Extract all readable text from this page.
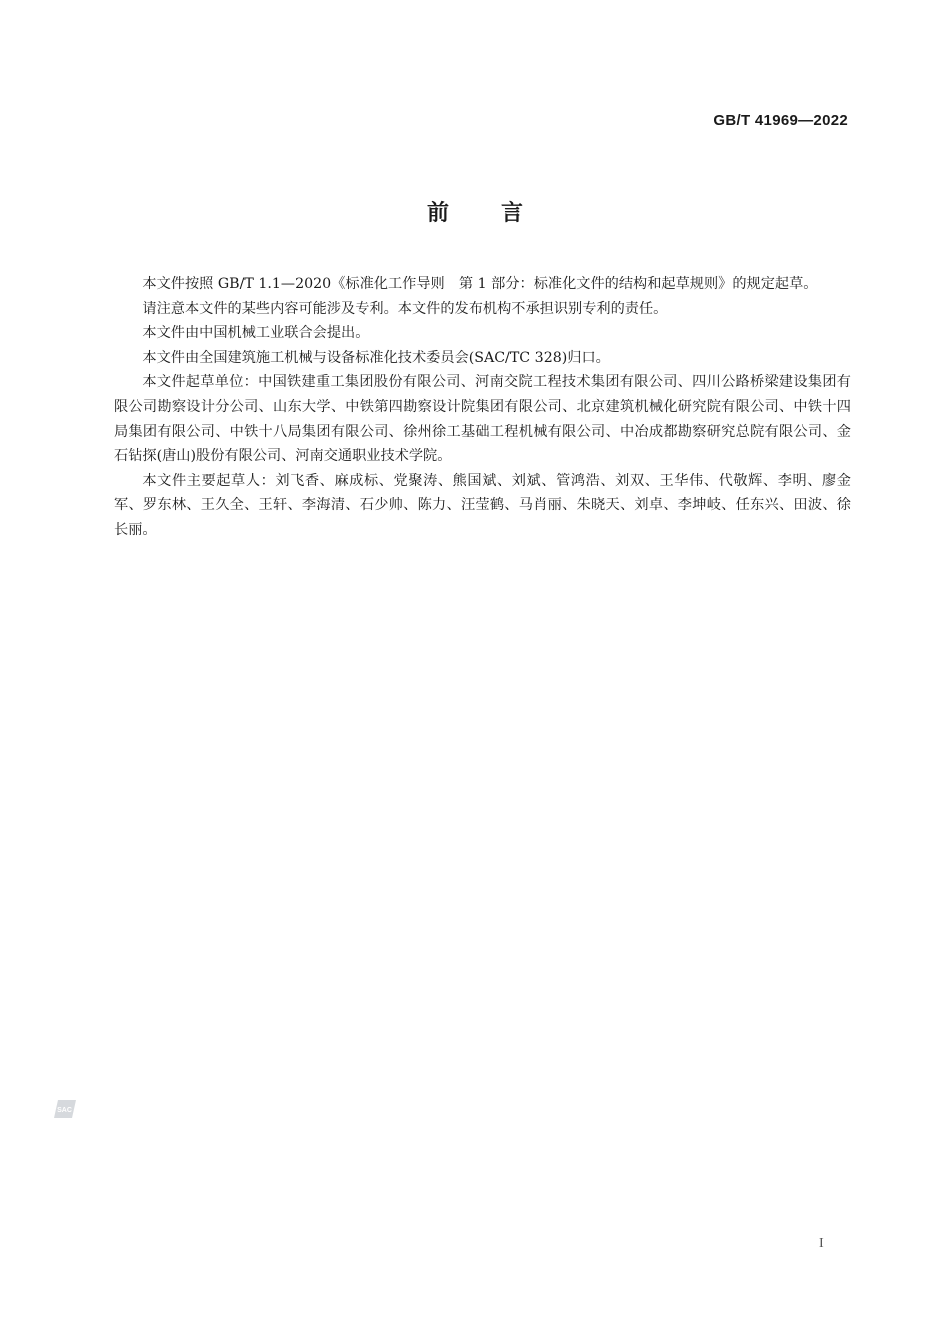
GB/T 41969—2022
前言

本文件按照 GB/T 1.1—2020《标准化工作导则　第 1 部分：标准化文件的结构和起草规则》的规定起草。

请注意本文件的某些内容可能涉及专利。本文件的发布机构不承担识别专利的责任。

本文件由中国机械工业联合会提出。

本文件由全国建筑施工机械与设备标准化技术委员会(SAC/TC 328)归口。

本文件起草单位：中国铁建重工集团股份有限公司、河南交院工程技术集团有限公司、四川公路桥梁建设集团有限公司勘察设计分公司、山东大学、中铁第四勘察设计院集团有限公司、北京建筑机械化研究院有限公司、中铁十四局集团有限公司、中铁十八局集团有限公司、徐州徐工基础工程机械有限公司、中冶成都勘察研究总院有限公司、金石钻探(唐山)股份有限公司、河南交通职业技术学院。

本文件主要起草人：刘飞香、麻成标、党聚涛、熊国斌、刘斌、管鸿浩、刘双、王华伟、代敬辉、李明、廖金军、罗东林、王久全、王轩、李海清、石少帅、陈力、汪莹鹤、马肖丽、朱晓天、刘卓、李坤岐、任东兴、田波、徐长丽。

SAC
I
